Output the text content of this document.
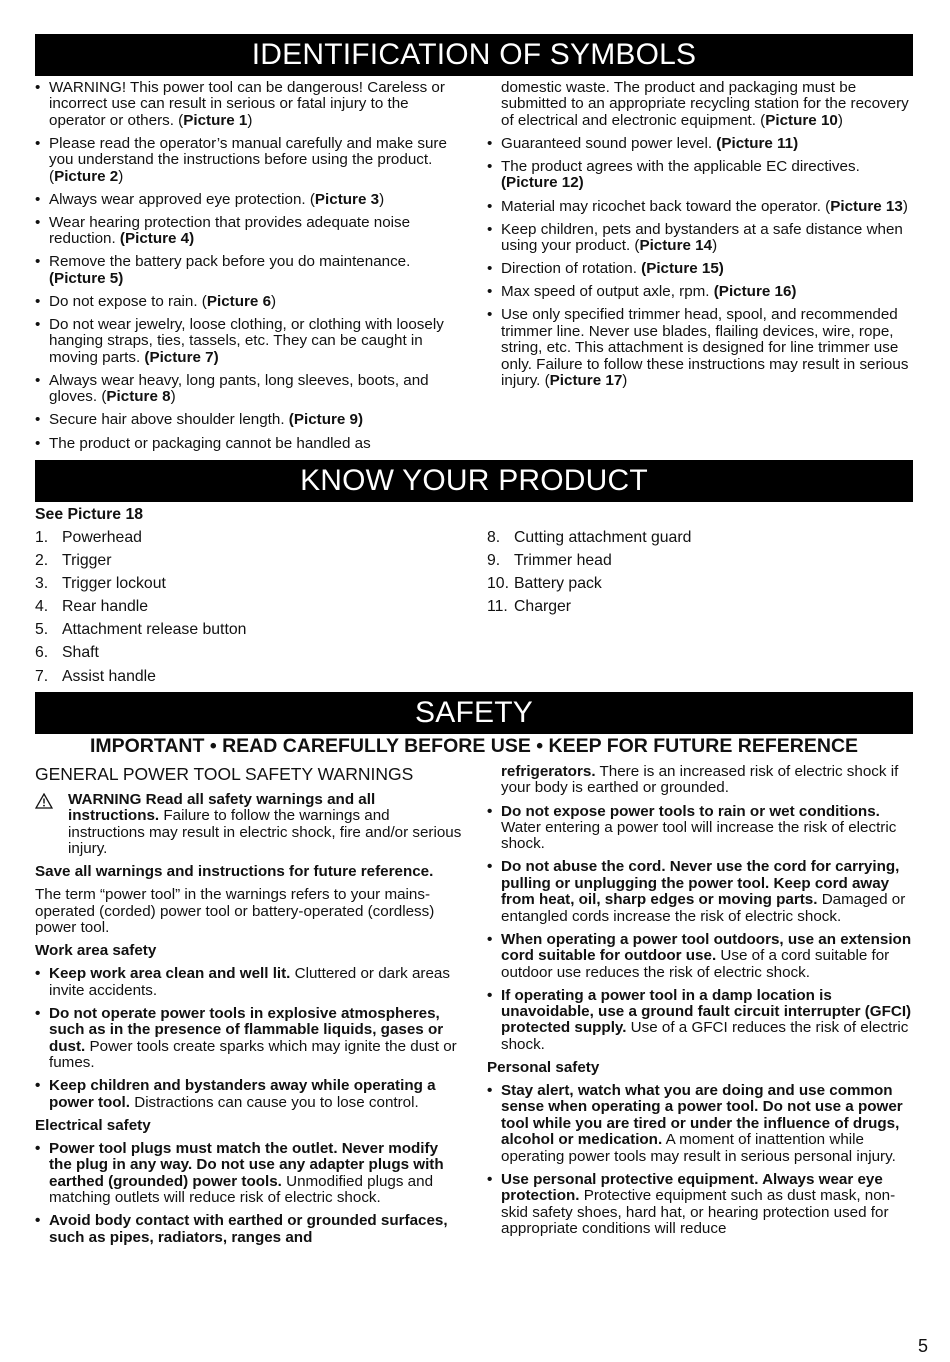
IDENTIFICATION OF SYMBOLS
• WARNING! This power tool can be dangerous! Careless or incorrect use can result in serious or fatal injury to the operator or others. (Picture 1)
• Please read the operator’s manual carefully and make sure you understand the instructions before using the product. (Picture 2)
• Always wear approved eye protection. (Picture 3)
• Wear hearing protection that provides adequate noise reduction. (Picture 4)
• Remove the battery pack before you do maintenance. (Picture 5)
• Do not expose to rain. (Picture 6)
• Do not wear jewelry, loose clothing, or clothing with loosely hanging straps, ties, tassels, etc. They can be caught in moving parts. (Picture 7)
• Always wear heavy, long pants, long sleeves, boots, and gloves. (Picture 8)
• Secure hair above shoulder length. (Picture 9)
• The product or packaging cannot be handled as
domestic waste. The product and packaging must be submitted to an appropriate recycling station for the recovery of electrical and electronic equipment. (Picture 10)
• Guaranteed sound power level. (Picture 11)
• The product agrees with the applicable EC directives. (Picture 12)
• Material may ricochet back toward the operator. (Picture 13)
• Keep children, pets and bystanders at a safe distance when using your product. (Picture 14)
• Direction of rotation. (Picture 15)
• Max speed of output axle, rpm. (Picture 16)
• Use only specified trimmer head, spool, and recommended trimmer line. Never use blades, flailing devices, wire, rope, string, etc. This attachment is designed for line trimmer use only. Failure to follow these instructions may result in serious injury. (Picture 17)
KNOW YOUR PRODUCT
See Picture 18
1. Powerhead
2. Trigger
3. Trigger lockout
4. Rear handle
5. Attachment release button
6. Shaft
7. Assist handle
8. Cutting attachment guard
9. Trimmer head
10. Battery pack
11. Charger
SAFETY
IMPORTANT • READ CAREFULLY BEFORE USE • KEEP FOR FUTURE REFERENCE
GENERAL POWER TOOL SAFETY WARNINGS
WARNING Read all safety warnings and all instructions. Failure to follow the warnings and instructions may result in electric shock, fire and/or serious injury.

Save all warnings and instructions for future reference.

The term “power tool” in the warnings refers to your mains-operated (corded) power tool or battery-operated (cordless) power tool.

Work area safety
• Keep work area clean and well lit. Cluttered or dark areas invite accidents.
• Do not operate power tools in explosive atmospheres, such as in the presence of flammable liquids, gases or dust. Power tools create sparks which may ignite the dust or fumes.
• Keep children and bystanders away while operating a power tool. Distractions can cause you to lose control.
Electrical safety
• Power tool plugs must match the outlet. Never modify the plug in any way. Do not use any adapter plugs with earthed (grounded) power tools. Unmodified plugs and matching outlets will reduce risk of electric shock.
• Avoid body contact with earthed or grounded surfaces, such as pipes, radiators, ranges and
refrigerators. There is an increased risk of electric shock if your body is earthed or grounded.
• Do not expose power tools to rain or wet conditions. Water entering a power tool will increase the risk of electric shock.
• Do not abuse the cord. Never use the cord for carrying, pulling or unplugging the power tool. Keep cord away from heat, oil, sharp edges or moving parts. Damaged or entangled cords increase the risk of electric shock.
• When operating a power tool outdoors, use an extension cord suitable for outdoor use. Use of a cord suitable for outdoor use reduces the risk of electric shock.
• If operating a power tool in a damp location is unavoidable, use a ground fault circuit interrupter (GFCI) protected supply. Use of a GFCI reduces the risk of electric shock.
Personal safety
• Stay alert, watch what you are doing and use common sense when operating a power tool. Do not use a power tool while you are tired or under the influence of drugs, alcohol or medication. A moment of inattention while operating power tools may result in serious personal injury.
• Use personal protective equipment. Always wear eye protection. Protective equipment such as dust mask, non-skid safety shoes, hard hat, or hearing protection used for appropriate conditions will reduce
5
